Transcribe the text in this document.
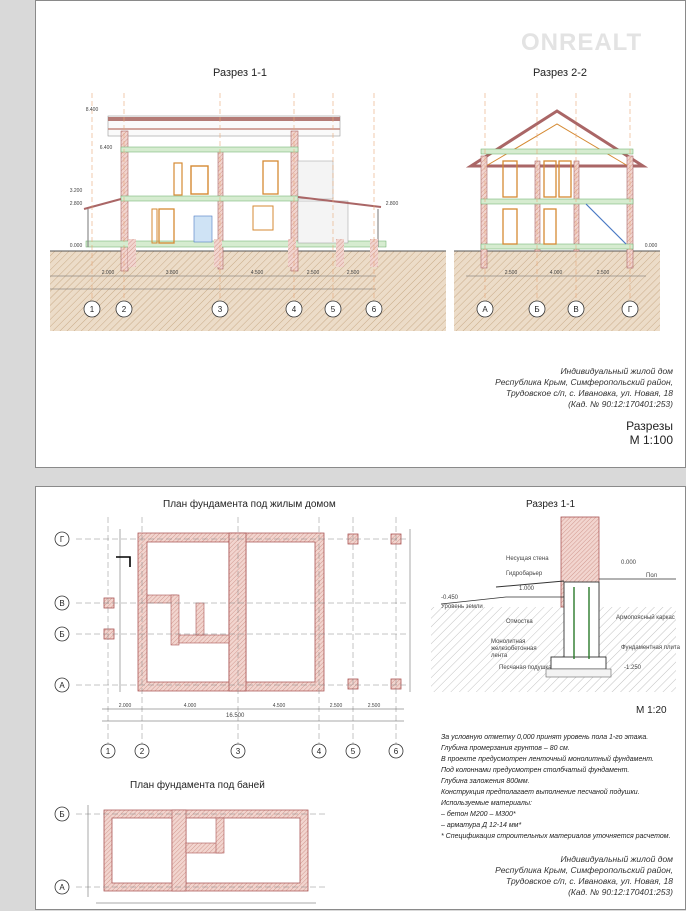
ONREALT
Разрез 1-1	Разрез 2-2
1	2	3	4	5	6	А	Б	В	Г
2.000	3.800	4.500	2.500	2.500	2.500	4.000	2.500
8.400
6.400
3.200
2.800
0.000
2.800
0.000
Индивидуальный жилой дом
Республика Крым, Симферопольский район,
Трудовское с/п, с. Ивановка, ул. Новая, 18
(Кад. № 90:12:170401:253)
Разрезы
М 1:100
План фундамента под жилым домом	Разрез 1-1
План фундамента под баней
1	2	3	4	5	6
Г
В
Б
А
Б
А
2.000	4.000	4.500	2.500	2.500
Несущая стена
Гидробарьер
0.000
Пол
-0.450
Уровень земли
1.000
Отмостка
Армопоясный каркас
Монолитная железобетонная лента
Фундаментная плита
Песчаная подушка	-1.250
М 1:20
16.500
За условную отметку 0,000 принят уровень пола 1-го этажа.
Глубина промерзания грунтов – 80 см.
В проекте предусмотрен ленточный монолитный фундамент.
Под колоннами предусмотрен столбчатый фундамент.
Глубина заложения 800мм.
Конструкция предполагает выполнение песчаной подушки.
Используемые материалы:
– бетон М200 – М300*
– арматура Д 12-14 мм*
* Спецификация строительных материалов уточняется расчетом.
Индивидуальный жилой дом
Республика Крым, Симферопольский район,
Трудовское с/п, с. Ивановка, ул. Новая, 18
(Кад. № 90:12:170401:253)
